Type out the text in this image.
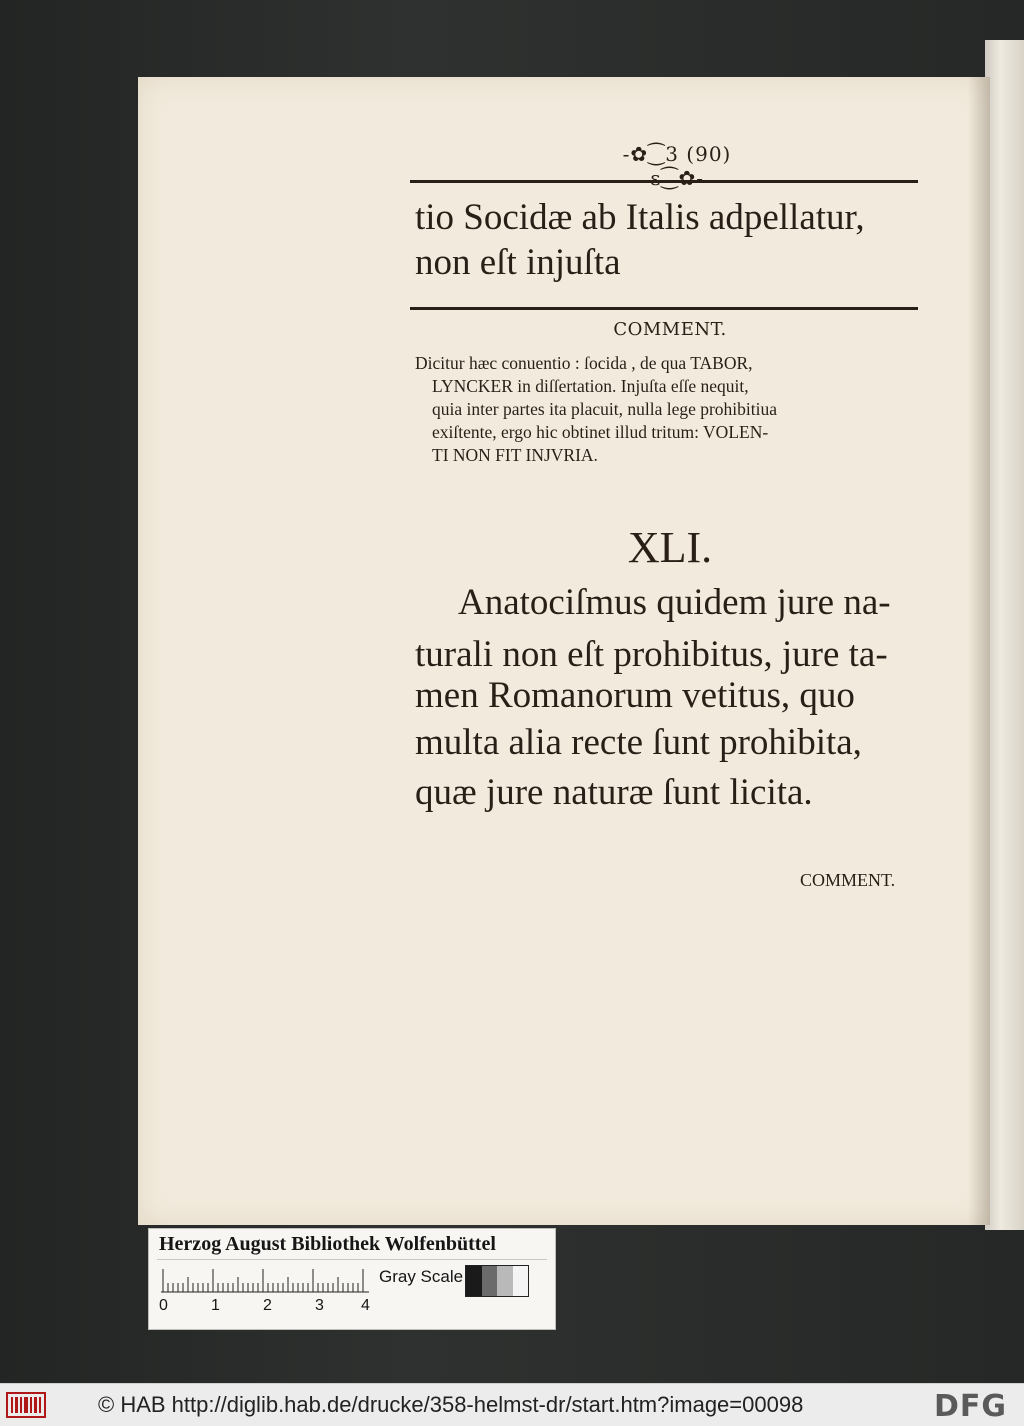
-✿⁐3 (90) ɛ⁐✿-
tio Socidæ ab Italis adpellatur,
non eſt injuſta
COMMENT.
Dicitur hæc conuentio : ſocida , de qua TABOR,
LYNCKER in diſſertation. Injuſta eſſe nequit,
quia inter partes ita placuit, nulla lege prohibitiua
exiſtente, ergo hic obtinet illud tritum: VOLEN-
TI NON FIT INJVRIA.
XLI.
Anatociſmus quidem jure na-
turali non eſt prohibitus, jure ta-
men Romanorum vetitus, quo
multa alia recte ſunt prohibita,
quæ jure naturæ ſunt licita.
COMMENT.
Herzog August Bibliothek Wolfenbüttel
0	1	2	3 4
Gray Scale
© HAB http://diglib.hab.de/drucke/358-helmst-dr/start.htm?image=00098	DFG
